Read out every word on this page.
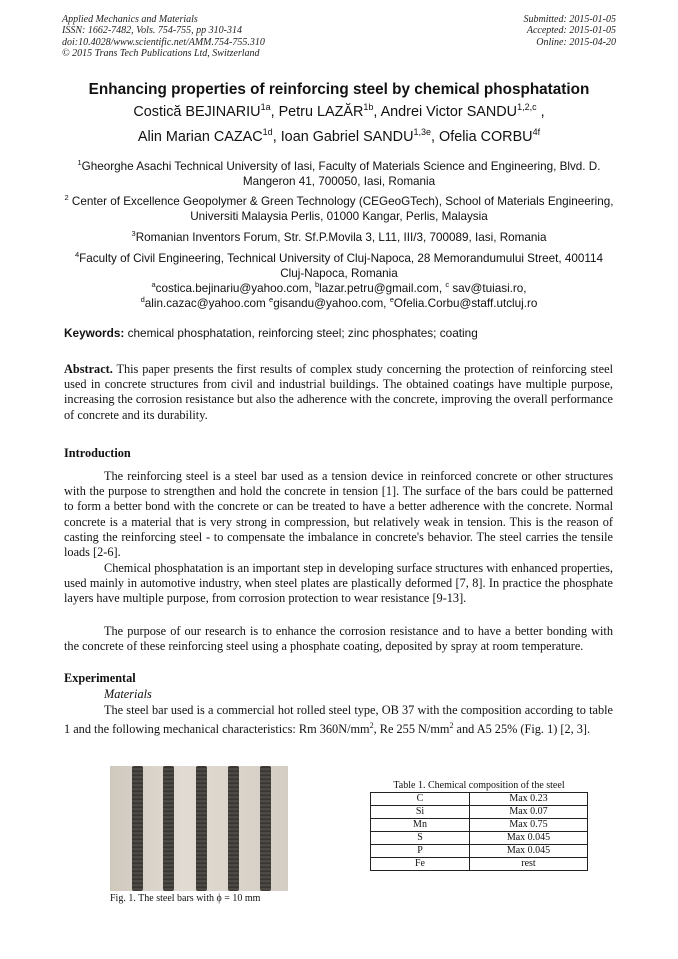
Applied Mechanics and Materials
ISSN: 1662-7482, Vols. 754-755, pp 310-314
doi:10.4028/www.scientific.net/AMM.754-755.310
© 2015 Trans Tech Publications Ltd, Switzerland
Submitted: 2015-01-05
Accepted: 2015-01-05
Online: 2015-04-20
Enhancing properties of reinforcing steel by chemical phosphatation
Costică $BEJINARIU^{1a}$, Petru $LAZĂR^{1b}$, Andrei Victor SANDU$^{1,2,c}$ ,
Alin Marian $CAZAC^{1d}$, Ioan Gabriel $SANDU^{1,3e}$, Ofelia $CORBU^{4f}$
$^1$Gheorghe Asachi Technical University of Iasi, Faculty of Materials Science and Engineering, Blvd. D. Mangeron 41, 700050, Iasi, Romania
$^2$ Center of Excellence Geopolymer & Green Technology (CEGeoGTech), School of Materials Engineering, Universiti Malaysia Perlis, 01000 Kangar, Perlis, Malaysia
$^3$Romanian Inventors Forum, Str. Sf.P.Movila 3, L11, III/3, 700089, Iasi, Romania
$^4$Faculty of Civil Engineering, Technical University of Cluj-Napoca, 28 Memorandumului Street, 400114 Cluj-Napoca, Romania
$^a$costica.bejinariu@yahoo.com, $^b$lazar.petru@gmail.com, $^c$ sav@tuiasi.ro,
$^d$alin.cazac@yahoo.com $^e$gisandu@yahoo.com, $^e$Ofelia.Corbu@staff.utcluj.ro
Keywords: chemical phosphatation, reinforcing steel; zinc phosphates; coating
Abstract. This paper presents the first results of complex study concerning the protection of reinforcing steel used in concrete structures from civil and industrial buildings. The obtained coatings have multiple purpose, increasing the corrosion resistance but also the adherence with the concrete, improving the overall performance of concrete and its durability.
Introduction
The reinforcing steel is a steel bar used as a tension device in reinforced concrete or other structures with the purpose to strengthen and hold the concrete in tension [1]. The surface of the bars could be patterned to form a better bond with the concrete or can be treated to have a better adherence with the concrete. Normal concrete is a material that is very strong in compression, but relatively weak in tension. This is the reason of casting the reinforcing steel - to compensate the imbalance in concrete's behavior. The steel carries the tensile loads [2-6].
Chemical phosphatation is an important step in developing surface structures with enhanced properties, used mainly in automotive industry, when steel plates are plastically deformed [7, 8]. In practice the phosphate layers have multiple purpose, from corrosion protection to wear resistance [9-13].
The purpose of our research is to enhance the corrosion resistance and to have a better bonding with the concrete of these reinforcing steel using a phosphate coating, deposited by spray at room temperature.
Experimental
Materials
The steel bar used is a commercial hot rolled steel type, OB 37 with the composition according to table 1 and the following mechanical characteristics: Rm $360N/mm^2$, Re 255 $N/mm^2$ and A5 25% (Fig. 1) [2, 3].
Fig. 1. The steel bars with ϕ = 10 mm
Table 1. Chemical composition of the steel
C	Max 0.23
Si	Max 0.07
Mn	Max 0.75
S	Max 0.045
P	Max 0.045
Fe	rest
